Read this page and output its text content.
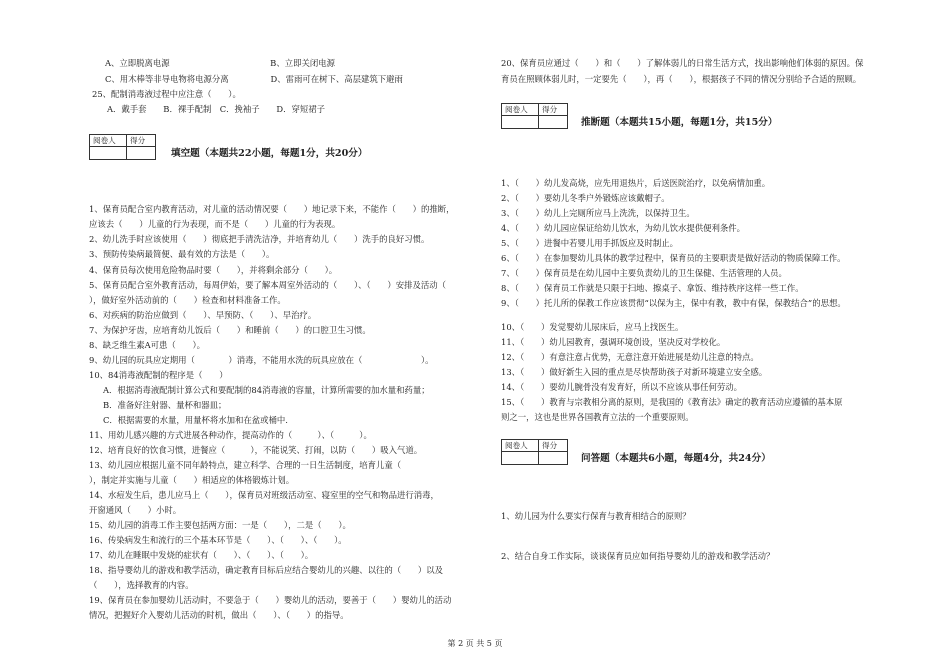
A、立即脱离电源　　　　　　　　　　　　B、立即关闭电源
C、用木棒等非导电物将电源分离　　　　　D、雷雨可在树下、高层建筑下避雨
25、配制消毒液过程中应注意（　　）。
A．戴手套　　B．裸手配制　C．挽袖子　　D．穿短裙子
阅卷人	得分

填空题（本题共22小题，每题1分，共20分）
1、保育员配合室内教育活动，对儿童的活动情况要（　　）地记录下来，不能作（　　）的推断，
应该去（　　）儿童的行为表现，而不是（　　）儿童的行为表现。
2、幼儿洗手时应该使用（　　）彻底把手清洗洁净，并培育幼儿（　　）洗手的良好习惯。
3、预防传染病最简便、最有效的方法是（　　）。
4、保育员每次使用危险物品时要（　　），并将剩余部分（　　）。
5、保育员配合室外教育活动，每周伊始，要了解本周室外活动的（　　）、（　　）安排及活动（　　
），做好室外活动前的（　　）检查和材料准备工作。
6、对疾病的防治应做到（　　）、早预防、（　　）、早治疗。
7、为保护牙齿，应培育幼儿饭后（　　）和睡前（　　）的口腔卫生习惯。
8、缺乏维生素A可患（　　）。
9、幼儿园的玩具应定期用（　　　　）消毒，不能用水洗的玩具应放在（　　　　　　　）。
10、84消毒液配制的程序是（　　）
A．根据消毒液配制计算公式和要配制的84消毒液的容量，计算所需要的加水量和药量；
B．准备好注射器、量杯和器皿；
C．根据需要的水量，用量杯将水加和在盆或桶中.
11、用幼儿感兴趣的方式进展各种动作，提高动作的（　　　）、（　　　）。
12、培育良好的饮食习惯，进餐应（　　　），不能说笑、打闹，以防（　　）吸入气道。
13、幼儿园应根据儿童不同年龄特点，建立科学、合理的一日生活制度，培育儿童（　　
），制定并实施与儿童（　　）相适应的体格锻炼计划。
14、水痘发生后，患儿应马上（　　），保育员对班级活动室、寝室里的空气和物品进行消毒，
开窗通风（　　）小时。
15、幼儿园的消毒工作主要包括两方面：一是（　　），二是（　　）。
16、传染病发生和流行的三个基本环节是（　　）、（　　）、（　　）。
17、幼儿在睡眠中发烧的症状有（　　）、（　　）、（　　）。
18、指导婴幼儿的游戏和教学活动，确定教育目标后应结合婴幼儿的兴趣、以往的（　　）以及
（　　），选择教育的内容。
19、保育员在参加婴幼儿活动时，不要急于（　　）婴幼儿的活动，要善于（　　）婴幼儿的活动
情况，把握好介入婴幼儿活动的时机，做出（　　）、（　　）的指导。
20、保育员应通过（　　）和（　　）了解体弱儿的日常生活方式，找出影响他们体弱的原因。保
育员在照顾体弱儿时，一定要先（　　），再（　　），根据孩子不同的情况分别给予合适的照顾。
阅卷人	得分

推断题（本题共15小题，每题1分，共15分）
1、（　　）幼儿发高烧，应先用退热片，后送医院治疗，以免病情加重。
2、（　　）要幼儿冬季户外锻炼应该戴帽子。
3、（　　）幼儿上完厕所应马上洗洗，以保持卫生。
4、（　　）幼儿园应保证给幼儿饮水，为幼儿饮水提供便利条件。
5、（　　）进餐中若婴儿用手抓饭应及时制止。
6、（　　）在参加婴幼儿具体的教学过程中，保育员的主要职责是做好活动的物质保障工作。
7、（　　）保育员是在幼儿园中主要负责幼儿的卫生保健、生活管理的人员。
8、（　　）保育员工作就是只限于扫地、擦桌子、拿饭、维持秩序这样一些工作。
9、（　　）托儿所的保教工作应该贯彻“以保为主，保中有教，教中有保，保教结合”的思想。
10、（　　）发觉婴幼儿尿床后，应马上找医生。
11、（　　）幼儿园教育，强调环境创设，坚决反对学校化。
12、（　　）有意注意占优势，无意注意开始进展是幼儿注意的特点。
13、（　　）做好新生入园的重点是尽快帮助孩子对新环境建立安全感。
14、（　　）要幼儿腕骨没有发育好，所以不应该从事任何劳动。
15、（　　）教育与宗教相分离的原则，是我国的《教育法》确定的教育活动应遵循的基本原
则之一，这也是世界各国教育立法的一个重要原则。
阅卷人	得分

问答题（本题共6小题，每题4分，共24分）
1、幼儿园为什么要实行保育与教育相结合的原则？
2、结合自身工作实际，谈谈保育员应如何指导婴幼儿的游戏和教学活动？
第 2 页 共 5 页
